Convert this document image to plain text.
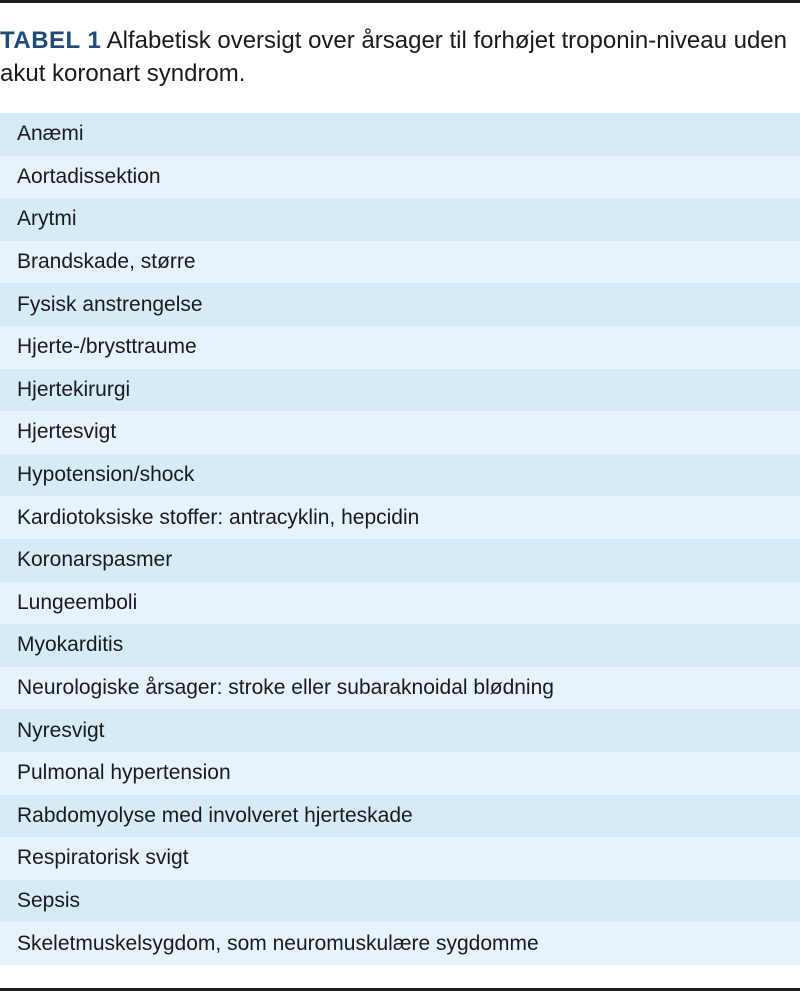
TABEL 1 Alfabetisk oversigt over årsager til forhøjet troponin-niveau uden akut koronart syndrom.
Anæmi
Aortadissektion
Arytmi
Brandskade, større
Fysisk anstrengelse
Hjerte-/brysttraume
Hjertekirurgi
Hjertesvigt
Hypotension/shock
Kardiotoksiske stoffer: antracyklin, hepcidin
Koronarspasmer
Lungeemboli
Myokarditis
Neurologiske årsager: stroke eller subaraknoidal blødning
Nyresvigt
Pulmonal hypertension
Rabdomyolyse med involveret hjerteskade
Respiratorisk svigt
Sepsis
Skeletmuskelsygdom, som neuromuskulære sygdomme
